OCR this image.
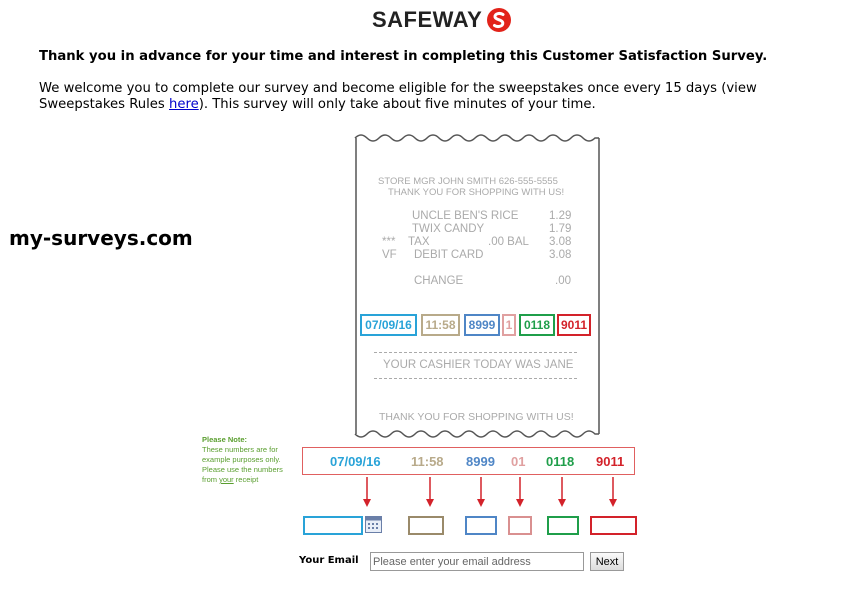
SAFEWAY
Thank you in advance for your time and interest in completing this Customer Satisfaction Survey.
We welcome you to complete our survey and become eligible for the sweepstakes once every 15 days (view Sweepstakes Rules here). This survey will only take about five minutes of your time.
my-surveys.com
STORE MGR JOHN SMITH 626-555-5555
THANK YOU FOR SHOPPING WITH US!
UNCLE BEN'S RICE	1.29
TWIX CANDY	1.79
*** TAX	.00 BAL 3.08
VF DEBIT CARD	3.08
CHANGE	.00
07/09/16	11:58	8999 1 0118 9011
YOUR CASHIER TODAY WAS JANE
THANK YOU FOR SHOPPING WITH US!
Please Note:
These numbers are for example purposes only.
Please use the numbers from your receipt
07/09/16 11:58 8999 01 0118 9011
Your Email
Please enter your email address	Next
